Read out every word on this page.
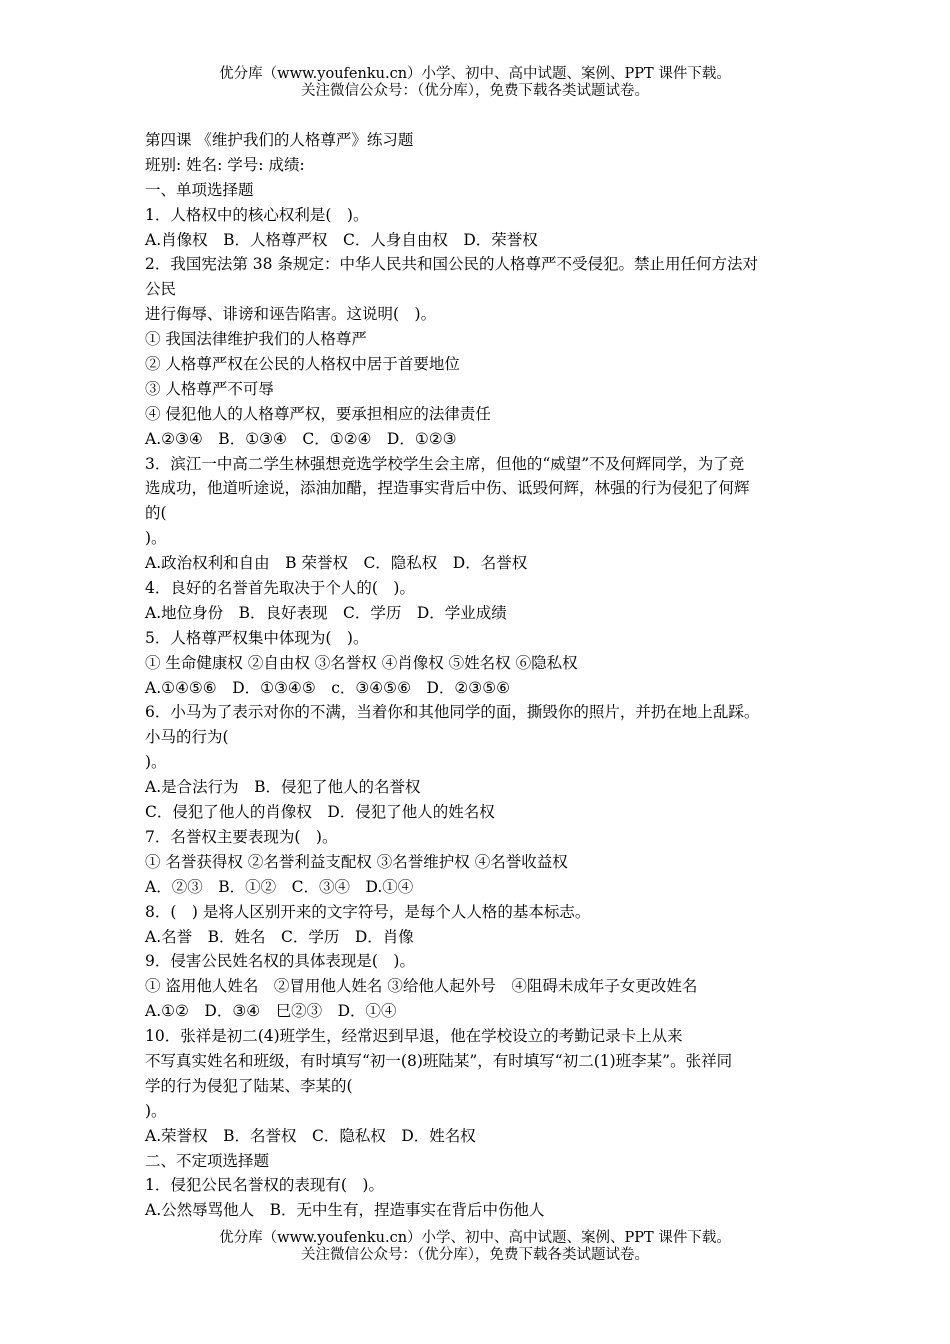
优分库（www.youfenku.cn）小学、初中、高中试题、案例、PPT 课件下载。
关注微信公众号：（优分库），免费下载各类试题试卷。
第四课 《维护我们的人格尊严》练习题
班别: 姓名: 学号: 成绩:
一、单项选择题
1．人格权中的核心权利是(　)。
A.肖像权　B．人格尊严权　C．人身自由权　D．荣誉权
2．我国宪法第 38 条规定：中华人民共和国公民的人格尊严不受侵犯。禁止用任何方法对
公民
进行侮辱、诽谤和诬告陷害。这说明(　)。
① 我国法律维护我们的人格尊严
② 人格尊严权在公民的人格权中居于首要地位
③ 人格尊严不可辱
④ 侵犯他人的人格尊严权，要承担相应的法律责任
A.②③④　B．①③④　C．①②④　D．①②③
3．滨江一中高二学生林强想竞选学校学生会主席，但他的“威望”不及何辉同学，为了竞
选成功，他道听途说，添油加醋，捏造事实背后中伤、诋毁何辉，林强的行为侵犯了何辉
的(
)。
A.政治权利和自由　B 荣誉权　C．隐私权　D．名誉权
4．良好的名誉首先取决于个人的(　)。
A.地位身份　B．良好表现　C．学历　D．学业成绩
5．人格尊严权集中体现为(　)。
① 生命健康权 ②自由权 ③名誉权 ④肖像权 ⑤姓名权 ⑥隐私权
A.①④⑤⑥　D．①③④⑤　c．③④⑤⑥　D．②③⑤⑥
6．小马为了表示对你的不满，当着你和其他同学的面，撕毁你的照片，并扔在地上乱踩。
小马的行为(
)。
A.是合法行为　B．侵犯了他人的名誉权
C．侵犯了他人的肖像权　D．侵犯了他人的姓名权
7．名誉权主要表现为(　)。
① 名誉获得权 ②名誉利益支配权 ③名誉维护权 ④名誉收益权
A．②③　B．①②　C．③④　D.①④
8．(　) 是将人区别开来的文字符号，是每个人人格的基本标志。
A.名誉　B．姓名　C．学历　D．肖像
9．侵害公民姓名权的具体表现是(　)。
① 盗用他人姓名　②冒用他人姓名 ③给他人起外号　④阻碍未成年子女更改姓名
A.①②　D．③④　巳②③　D．①④
10．张祥是初二(4)班学生，经常迟到早退，他在学校设立的考勤记录卡上从来
不写真实姓名和班级，有时填写“初一(8)班陆某”，有时填写“初二(1)班李某”。张祥同
学的行为侵犯了陆某、李某的(
)。
A.荣誉权　B．名誉权　C．隐私权　D．姓名权
二、不定项选择题
1．侵犯公民名誉权的表现有(　)。
A.公然辱骂他人　B．无中生有，捏造事实在背后中伤他人
优分库（www.youfenku.cn）小学、初中、高中试题、案例、PPT 课件下载。
关注微信公众号：（优分库），免费下载各类试题试卷。
